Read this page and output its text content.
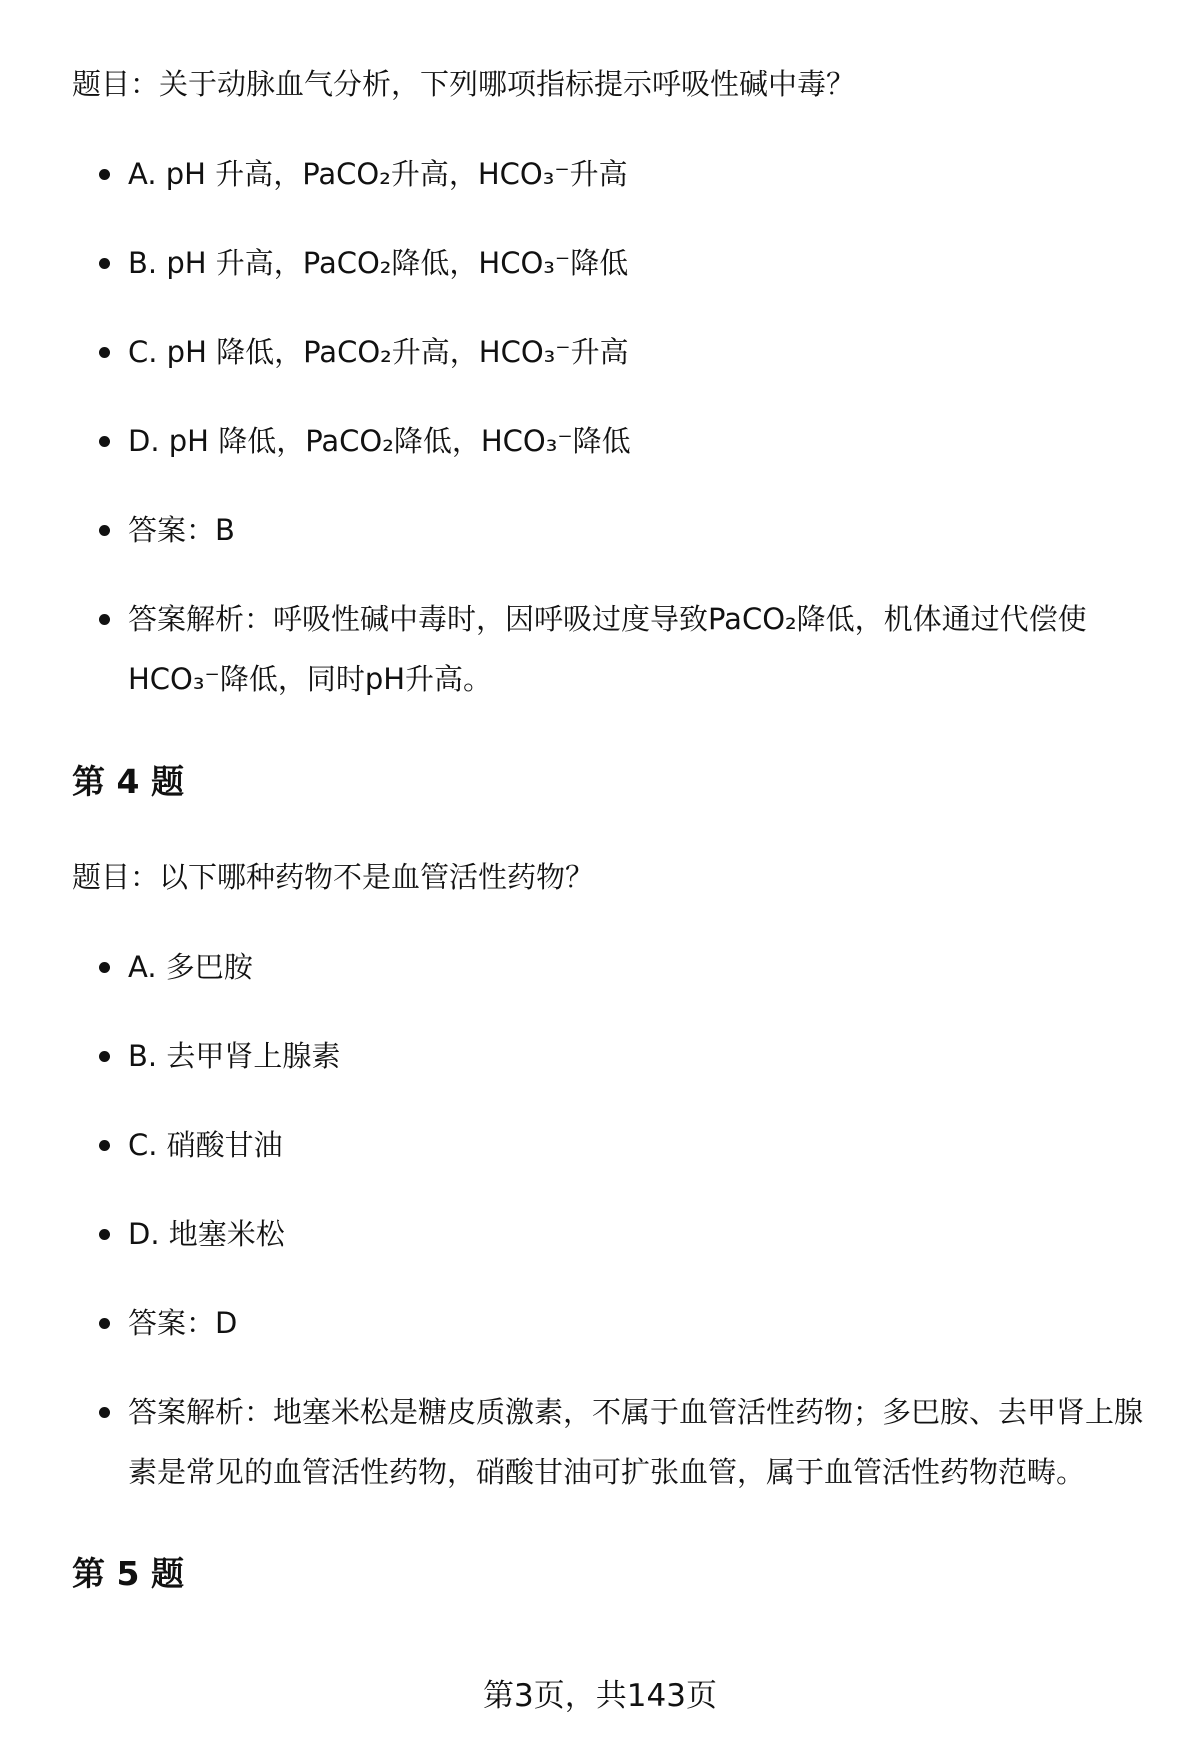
题目：关于动脉血气分析，下列哪项指标提示呼吸性碱中毒？
A. pH 升高，PaCO₂升高，HCO₃⁻升高
B. pH 升高，PaCO₂降低，HCO₃⁻降低
C. pH 降低，PaCO₂升高，HCO₃⁻升高
D. pH 降低，PaCO₂降低，HCO₃⁻降低
答案：B
答案解析：呼吸性碱中毒时，因呼吸过度导致PaCO₂降低，机体通过代偿使HCO₃⁻降低，同时pH升高。
第 4 题
题目：以下哪种药物不是血管活性药物？
A. 多巴胺
B. 去甲肾上腺素
C. 硝酸甘油
D. 地塞米松
答案：D
答案解析：地塞米松是糖皮质激素，不属于血管活性药物；多巴胺、去甲肾上腺素是常见的血管活性药物，硝酸甘油可扩张血管，属于血管活性药物范畴。
第 5 题
第3页，共143页
